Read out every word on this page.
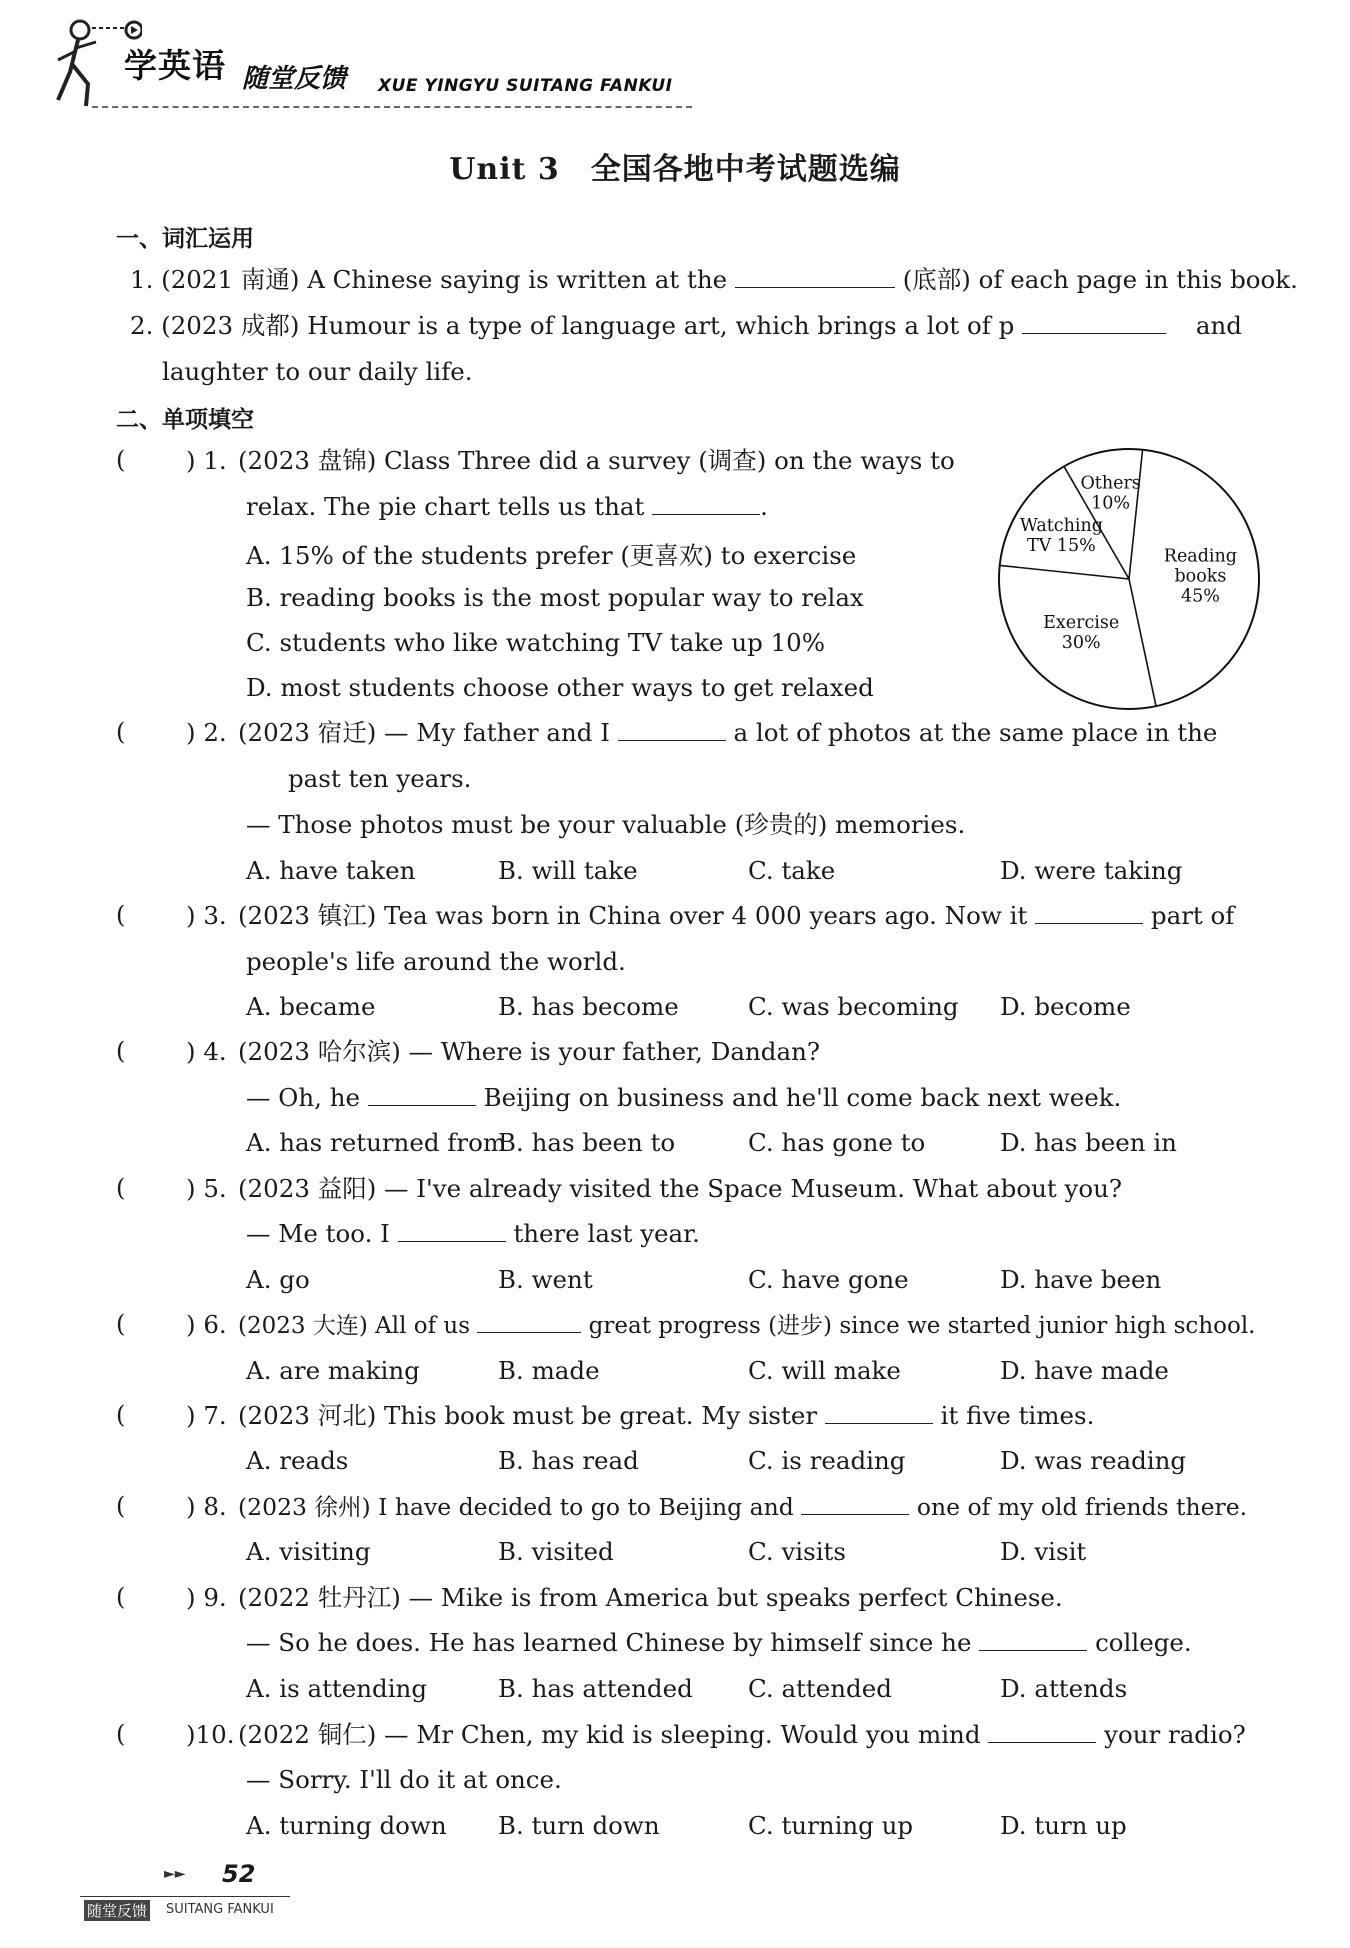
学英语 随堂反馈 XUE YINGYU SUITANG FANKUI
Unit 3　全国各地中考试题选编
一、词汇运用
1. (2021 南通) A Chinese saying is written at the	(底部) of each page in this book.
2. (2023 成都) Humour is a type of language art, which brings a lot of p	and
laughter to our daily life.
二、单项填空
( ) 1. (2023 盘锦) Class Three did a survey (调查) on the ways to
relax. The pie chart tells us that	.
A. 15% of the students prefer (更喜欢) to exercise
B. reading books is the most popular way to relax
C. students who like watching TV take up 10%
D. most students choose other ways to get relaxed
Reading books 45%
Exercise 30%
Watching TV 15%
Others 10%
( ) 2. (2023 宿迁) — My father and I	a lot of photos at the same place in the
past ten years.
— Those photos must be your valuable (珍贵的) memories.
A. have taken	B. will take	C. take	D. were taking
( ) 3. (2023 镇江) Tea was born in China over 4 000 years ago. Now it	part of
people's life around the world.
A. became	B. has become	C. was becoming D. become
( ) 4. (2023 哈尔滨) — Where is your father, Dandan?
— Oh, he	Beijing on business and he'll come back next week.
A. has returned from
B. has been to	C. has gone to	D. has been in
( ) 5. (2023 益阳) — I've already visited the Space Museum. What about you?
— Me too. I	there last year.
A. go	B. went	C. have gone	D. have been
( ) 6. (2023 大连) All of us	great progress (进步) since we started junior high school.
A. are making	B. made	C. will make	D. have made
( ) 7. (2023 河北) This book must be great. My sister	it five times.
A. reads	B. has read	C. is reading	D. was reading
( ) 8. (2023 徐州) I have decided to go to Beijing and	one of my old friends there.
A. visiting	B. visited	C. visits	D. visit
( ) 9. (2022 牡丹江) — Mike is from America but speaks perfect Chinese.
— So he does. He has learned Chinese by himself since he	college.
A. is attending	B. has attended C. attended	D. attends
( )10. (2022 铜仁) — Mr Chen, my kid is sleeping. Would you mind	your radio?
— Sorry. I'll do it at once.
A. turning down B. turn down	C. turning up	D. turn up
►► 52
随堂反馈 SUITANG FANKUI
